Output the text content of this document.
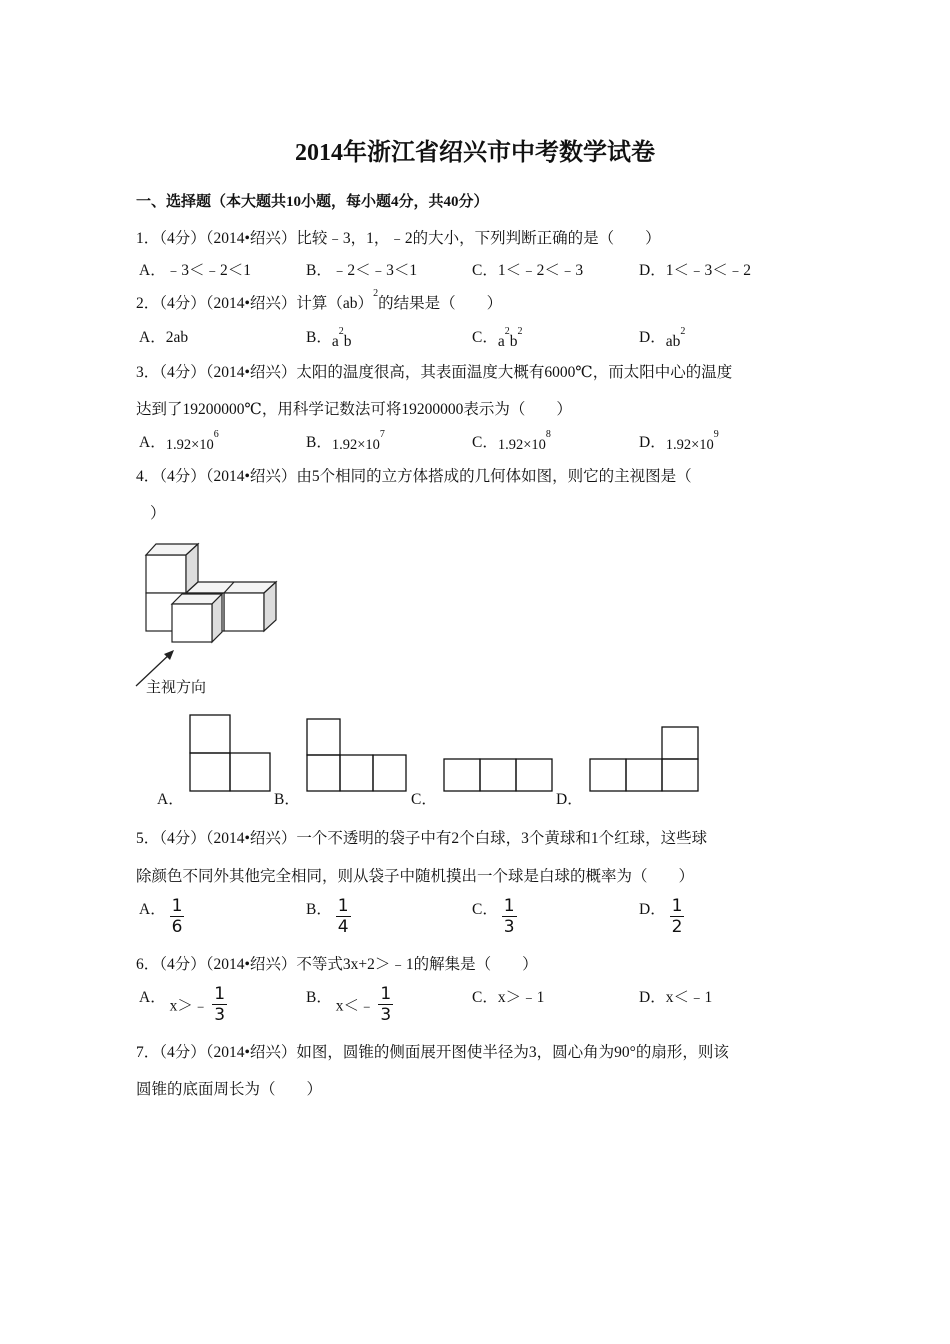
2014年浙江省绍兴市中考数学试卷
一、选择题（本大题共10小题，每小题4分，共40分）
1．（4分）（2014•绍兴）比较﹣3，1，﹣2的大小，下列判断正确的是（　　）
A．﹣3＜﹣2＜1	B．﹣2＜﹣3＜1	C．1＜﹣2＜﹣3	D．1＜﹣3＜﹣2
2．（4分）（2014•绍兴）计算（ab）$^2$的结果是（　　）
A．2ab	B．$a^2b$	C．$a^2b^2$	D．$ab^2$
3．（4分）（2014•绍兴）太阳的温度很高，其表面温度大概有6000℃，而太阳中心的温度
达到了19200000℃，用科学记数法可将19200000表示为（　　）
A．$1.92\times 10^6$	B．$1.92\times 10^7$	C．$1.92\times 10^8$	D．$1.92\times 10^9$
4．（4分）（2014•绍兴）由5个相同的立方体搭成的几何体如图，则它的主视图是（
）
主视方向
A．	B．	C．	D．
5．（4分）（2014•绍兴）一个不透明的袋子中有2个白球，3个黄球和1个红球，这些球
除颜色不同外其他完全相同，则从袋子中随机摸出一个球是白球的概率为（　　）
A． $\frac{1}{6}$	B． $\frac{1}{4}$	C． $\frac{1}{3}$	D． $\frac{1}{2}$
6．（4分）（2014•绍兴）不等式3x+2＞﹣1的解集是（　　）
A． x＞﹣ $\frac{1}{3}$	B． x＜﹣ $\frac{1}{3}$	C．x＞﹣1	D．x＜﹣1
7．（4分）（2014•绍兴）如图，圆锥的侧面展开图使半径为3，圆心角为90°的扇形，则该
圆锥的底面周长为（　　）
